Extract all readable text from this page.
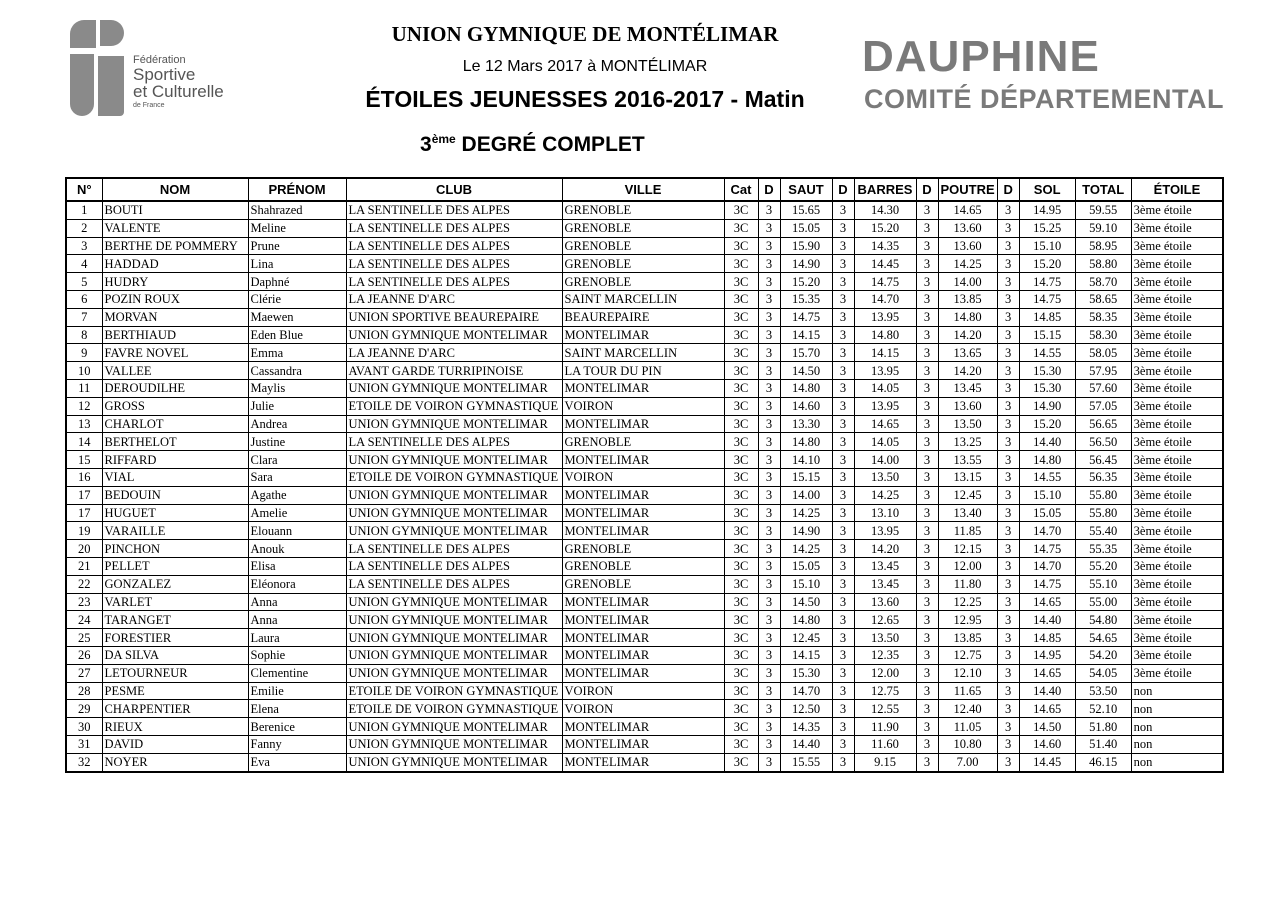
Fédération
Sportive
et Culturelle
de France
UNION GYMNIQUE DE MONTÉLIMAR
Le 12 Mars 2017 à MONTÉLIMAR
ÉTOILES JEUNESSES 2016-2017 - Matin
3ème DEGRÉ COMPLET
DAUPHINE
COMITÉ DÉPARTEMENTAL
N°	NOM	PRÉNOM	CLUB	VILLE	Cat	D	SAUT	D	BARRES	D	POUTRE	D	SOL	TOTAL	ÉTOILE
1	BOUTI	Shahrazed	LA SENTINELLE DES ALPES	GRENOBLE	3C	3	15.65	3	14.30	3	14.65	3	14.95	59.55	3ème étoile
2	VALENTE	Meline	LA SENTINELLE DES ALPES	GRENOBLE	3C	3	15.05	3	15.20	3	13.60	3	15.25	59.10	3ème étoile
3	BERTHE DE POMMERY	Prune	LA SENTINELLE DES ALPES	GRENOBLE	3C	3	15.90	3	14.35	3	13.60	3	15.10	58.95	3ème étoile
4	HADDAD	Lina	LA SENTINELLE DES ALPES	GRENOBLE	3C	3	14.90	3	14.45	3	14.25	3	15.20	58.80	3ème étoile
5	HUDRY	Daphné	LA SENTINELLE DES ALPES	GRENOBLE	3C	3	15.20	3	14.75	3	14.00	3	14.75	58.70	3ème étoile
6	POZIN ROUX	Clérie	LA JEANNE D'ARC	SAINT MARCELLIN	3C	3	15.35	3	14.70	3	13.85	3	14.75	58.65	3ème étoile
7	MORVAN	Maewen	UNION SPORTIVE BEAUREPAIRE	BEAUREPAIRE	3C	3	14.75	3	13.95	3	14.80	3	14.85	58.35	3ème étoile
8	BERTHIAUD	Eden Blue	UNION GYMNIQUE MONTELIMAR	MONTELIMAR	3C	3	14.15	3	14.80	3	14.20	3	15.15	58.30	3ème étoile
9	FAVRE NOVEL	Emma	LA JEANNE D'ARC	SAINT MARCELLIN	3C	3	15.70	3	14.15	3	13.65	3	14.55	58.05	3ème étoile
10	VALLEE	Cassandra	AVANT GARDE TURRIPINOISE	LA TOUR DU PIN	3C	3	14.50	3	13.95	3	14.20	3	15.30	57.95	3ème étoile
11	DEROUDILHE	Maylis	UNION GYMNIQUE MONTELIMAR	MONTELIMAR	3C	3	14.80	3	14.05	3	13.45	3	15.30	57.60	3ème étoile
12	GROSS	Julie	ETOILE DE VOIRON GYMNASTIQUE	VOIRON	3C	3	14.60	3	13.95	3	13.60	3	14.90	57.05	3ème étoile
13	CHARLOT	Andrea	UNION GYMNIQUE MONTELIMAR	MONTELIMAR	3C	3	13.30	3	14.65	3	13.50	3	15.20	56.65	3ème étoile
14	BERTHELOT	Justine	LA SENTINELLE DES ALPES	GRENOBLE	3C	3	14.80	3	14.05	3	13.25	3	14.40	56.50	3ème étoile
15	RIFFARD	Clara	UNION GYMNIQUE MONTELIMAR	MONTELIMAR	3C	3	14.10	3	14.00	3	13.55	3	14.80	56.45	3ème étoile
16	VIAL	Sara	ETOILE DE VOIRON GYMNASTIQUE	VOIRON	3C	3	15.15	3	13.50	3	13.15	3	14.55	56.35	3ème étoile
17	BEDOUIN	Agathe	UNION GYMNIQUE MONTELIMAR	MONTELIMAR	3C	3	14.00	3	14.25	3	12.45	3	15.10	55.80	3ème étoile
17	HUGUET	Amelie	UNION GYMNIQUE MONTELIMAR	MONTELIMAR	3C	3	14.25	3	13.10	3	13.40	3	15.05	55.80	3ème étoile
19	VARAILLE	Elouann	UNION GYMNIQUE MONTELIMAR	MONTELIMAR	3C	3	14.90	3	13.95	3	11.85	3	14.70	55.40	3ème étoile
20	PINCHON	Anouk	LA SENTINELLE DES ALPES	GRENOBLE	3C	3	14.25	3	14.20	3	12.15	3	14.75	55.35	3ème étoile
21	PELLET	Elisa	LA SENTINELLE DES ALPES	GRENOBLE	3C	3	15.05	3	13.45	3	12.00	3	14.70	55.20	3ème étoile
22	GONZALEZ	Eléonora	LA SENTINELLE DES ALPES	GRENOBLE	3C	3	15.10	3	13.45	3	11.80	3	14.75	55.10	3ème étoile
23	VARLET	Anna	UNION GYMNIQUE MONTELIMAR	MONTELIMAR	3C	3	14.50	3	13.60	3	12.25	3	14.65	55.00	3ème étoile
24	TARANGET	Anna	UNION GYMNIQUE MONTELIMAR	MONTELIMAR	3C	3	14.80	3	12.65	3	12.95	3	14.40	54.80	3ème étoile
25	FORESTIER	Laura	UNION GYMNIQUE MONTELIMAR	MONTELIMAR	3C	3	12.45	3	13.50	3	13.85	3	14.85	54.65	3ème étoile
26	DA SILVA	Sophie	UNION GYMNIQUE MONTELIMAR	MONTELIMAR	3C	3	14.15	3	12.35	3	12.75	3	14.95	54.20	3ème étoile
27	LETOURNEUR	Clementine	UNION GYMNIQUE MONTELIMAR	MONTELIMAR	3C	3	15.30	3	12.00	3	12.10	3	14.65	54.05	3ème étoile
28	PESME	Emilie	ETOILE DE VOIRON GYMNASTIQUE	VOIRON	3C	3	14.70	3	12.75	3	11.65	3	14.40	53.50	non
29	CHARPENTIER	Elena	ETOILE DE VOIRON GYMNASTIQUE	VOIRON	3C	3	12.50	3	12.55	3	12.40	3	14.65	52.10	non
30	RIEUX	Berenice	UNION GYMNIQUE MONTELIMAR	MONTELIMAR	3C	3	14.35	3	11.90	3	11.05	3	14.50	51.80	non
31	DAVID	Fanny	UNION GYMNIQUE MONTELIMAR	MONTELIMAR	3C	3	14.40	3	11.60	3	10.80	3	14.60	51.40	non
32	NOYER	Eva	UNION GYMNIQUE MONTELIMAR	MONTELIMAR	3C	3	15.55	3	9.15	3	7.00	3	14.45	46.15	non
